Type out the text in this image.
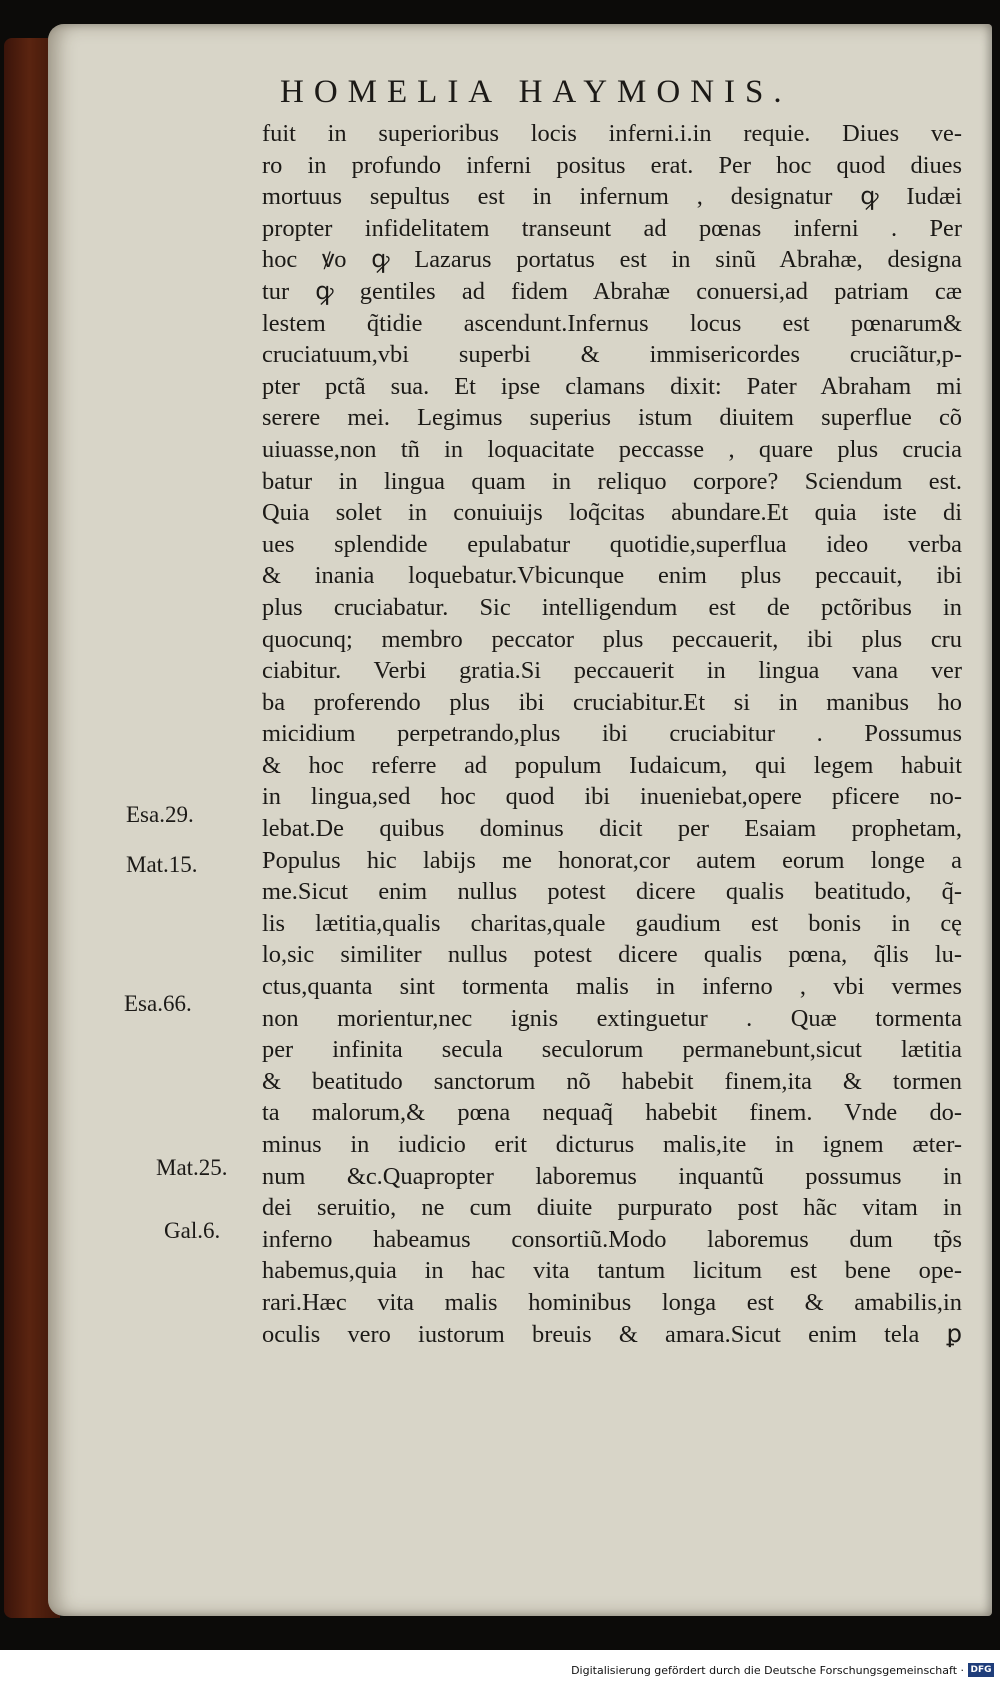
HOMELIA HAYMONIS.
fuit in superioribus locis inferni.i.in requie. Diues ve-
ro in profundo inferni positus erat. Per hoc quod diues
mortuus sepultus est in infernum , designatur ꝙ Iudæi
propter infidelitatem transeunt ad pœnas inferni . Per
hoc ꝟo ꝙ Lazarus portatus est in sinũ Abrahæ, designa
tur ꝙ gentiles ad fidem Abrahæ conuersi,ad patriam cæ
lestem q̃tidie ascendunt.Infernus locus est pœnarum&
cruciatuum,vbi superbi & immisericordes cruciãtur,p-
pter pctã sua. Et ipse clamans dixit: Pater Abraham mi
serere mei. Legimus superius istum diuitem superflue cõ
uiuasse,non tñ in loquacitate peccasse , quare plus crucia
batur in lingua quam in reliquo corpore? Sciendum est.
Quia solet in conuiuijs loq̃citas abundare.Et quia iste di
ues splendide epulabatur quotidie,superflua ideo verba
& inania loquebatur.Vbicunque enim plus peccauit, ibi
plus cruciabatur. Sic intelligendum est de pctõribus in
quocunq; membro peccator plus peccauerit, ibi plus cru
ciabitur. Verbi gratia.Si peccauerit in lingua vana ver
ba proferendo plus ibi cruciabitur.Et si in manibus ho
micidium perpetrando,plus ibi cruciabitur . Possumus
& hoc referre ad populum Iudaicum, qui legem habuit
in lingua,sed hoc quod ibi inueniebat,opere pficere no-
lebat.De quibus dominus dicit per Esaiam prophetam,
Populus hic labijs me honorat,cor autem eorum longe a
me.Sicut enim nullus potest dicere qualis beatitudo, q̃-
lis lætitia,qualis charitas,quale gaudium est bonis in cę
lo,sic similiter nullus potest dicere qualis pœna, q̃lis lu-
ctus,quanta sint tormenta malis in inferno , vbi vermes
non morientur,nec ignis extinguetur . Quæ tormenta
per infinita secula seculorum permanebunt,sicut lætitia
& beatitudo sanctorum nõ habebit finem,ita & tormen
ta malorum,& pœna nequaq̃ habebit finem. Vnde do-
minus in iudicio erit dicturus malis,ite in ignem æter-
num &c.Quapropter laboremus inquantũ possumus in
dei seruitio, ne cum diuite purpurato post hãc vitam in
inferno habeamus consortiũ.Modo laboremus dum tp̃s
habemus,quia in hac vita tantum licitum est bene ope-
rari.Hæc vita malis hominibus longa est & amabilis,in
oculis vero iustorum breuis & amara.Sicut enim tela ꝑ
Esa.29.
Mat.15.
Esa.66.
Mat.25.
Gal.6.
Digitalisierung gefördert durch die Deutsche Forschungsgemeinschaft · DFG
